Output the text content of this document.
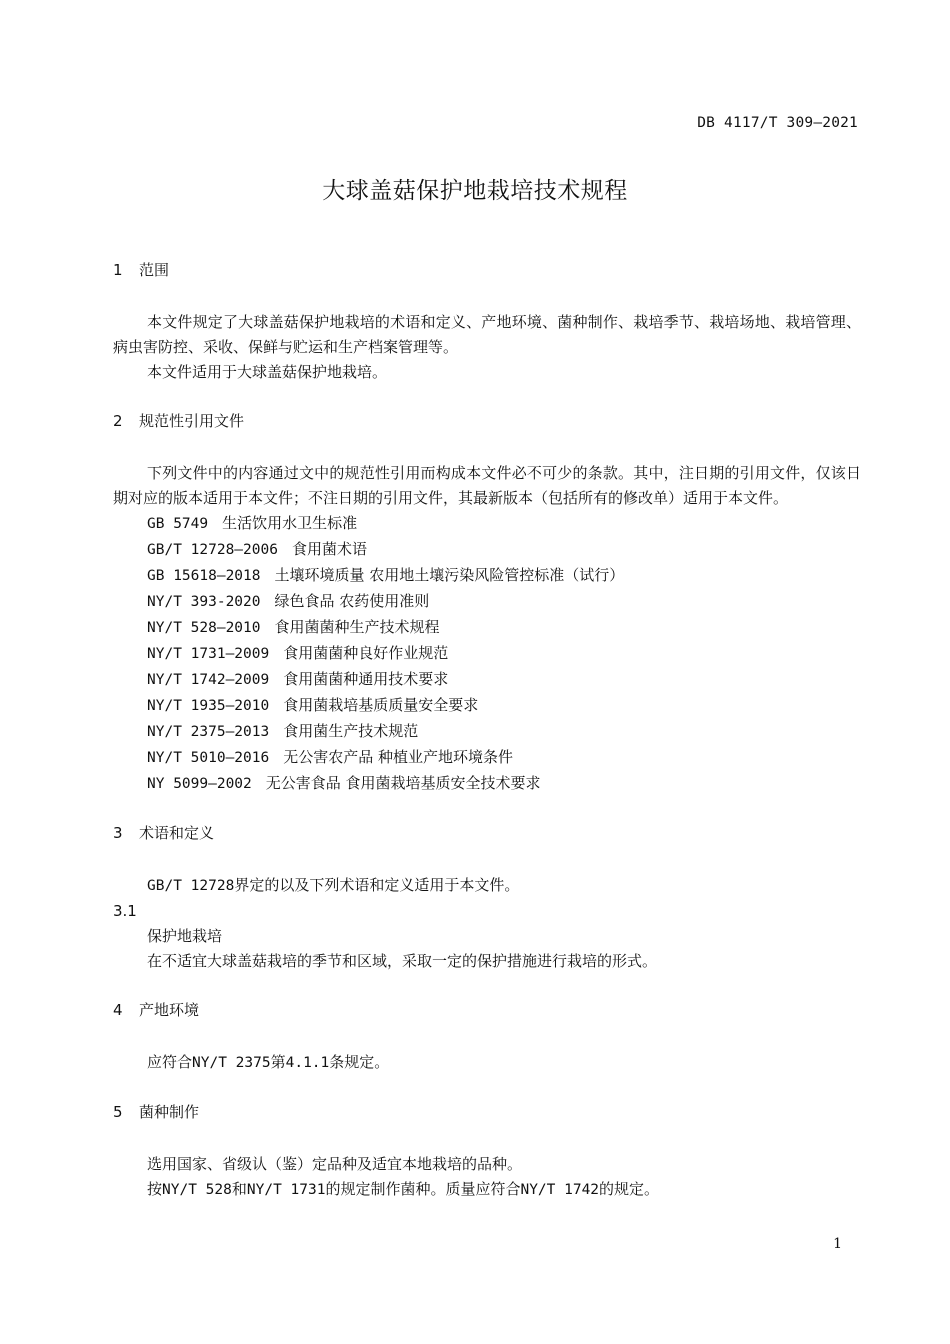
DB 4117/T 309—2021
大球盖菇保护地栽培技术规程
1 范围
本文件规定了大球盖菇保护地栽培的术语和定义、产地环境、菌种制作、栽培季节、栽培场地、栽培管理、病虫害防控、采收、保鲜与贮运和生产档案管理等。
本文件适用于大球盖菇保护地栽培。
2 规范性引用文件
下列文件中的内容通过文中的规范性引用而构成本文件必不可少的条款。其中，注日期的引用文件，仅该日期对应的版本适用于本文件；不注日期的引用文件，其最新版本（包括所有的修改单）适用于本文件。
GB 5749 生活饮用水卫生标准
GB/T 12728—2006 食用菌术语
GB 15618—2018 土壤环境质量 农用地土壤污染风险管控标准（试行）
NY/T 393-2020 绿色食品 农药使用准则
NY/T 528—2010 食用菌菌种生产技术规程
NY/T 1731—2009 食用菌菌种良好作业规范
NY/T 1742—2009 食用菌菌种通用技术要求
NY/T 1935—2010 食用菌栽培基质质量安全要求
NY/T 2375—2013 食用菌生产技术规范
NY/T 5010—2016 无公害农产品 种植业产地环境条件
NY 5099—2002 无公害食品 食用菌栽培基质安全技术要求
3 术语和定义
GB/T 12728界定的以及下列术语和定义适用于本文件。
3.1
保护地栽培
在不适宜大球盖菇栽培的季节和区域，采取一定的保护措施进行栽培的形式。
4 产地环境
应符合NY/T 2375第4.1.1条规定。
5 菌种制作
选用国家、省级认（鉴）定品种及适宜本地栽培的品种。
按NY/T 528和NY/T 1731的规定制作菌种。质量应符合NY/T 1742的规定。
1
